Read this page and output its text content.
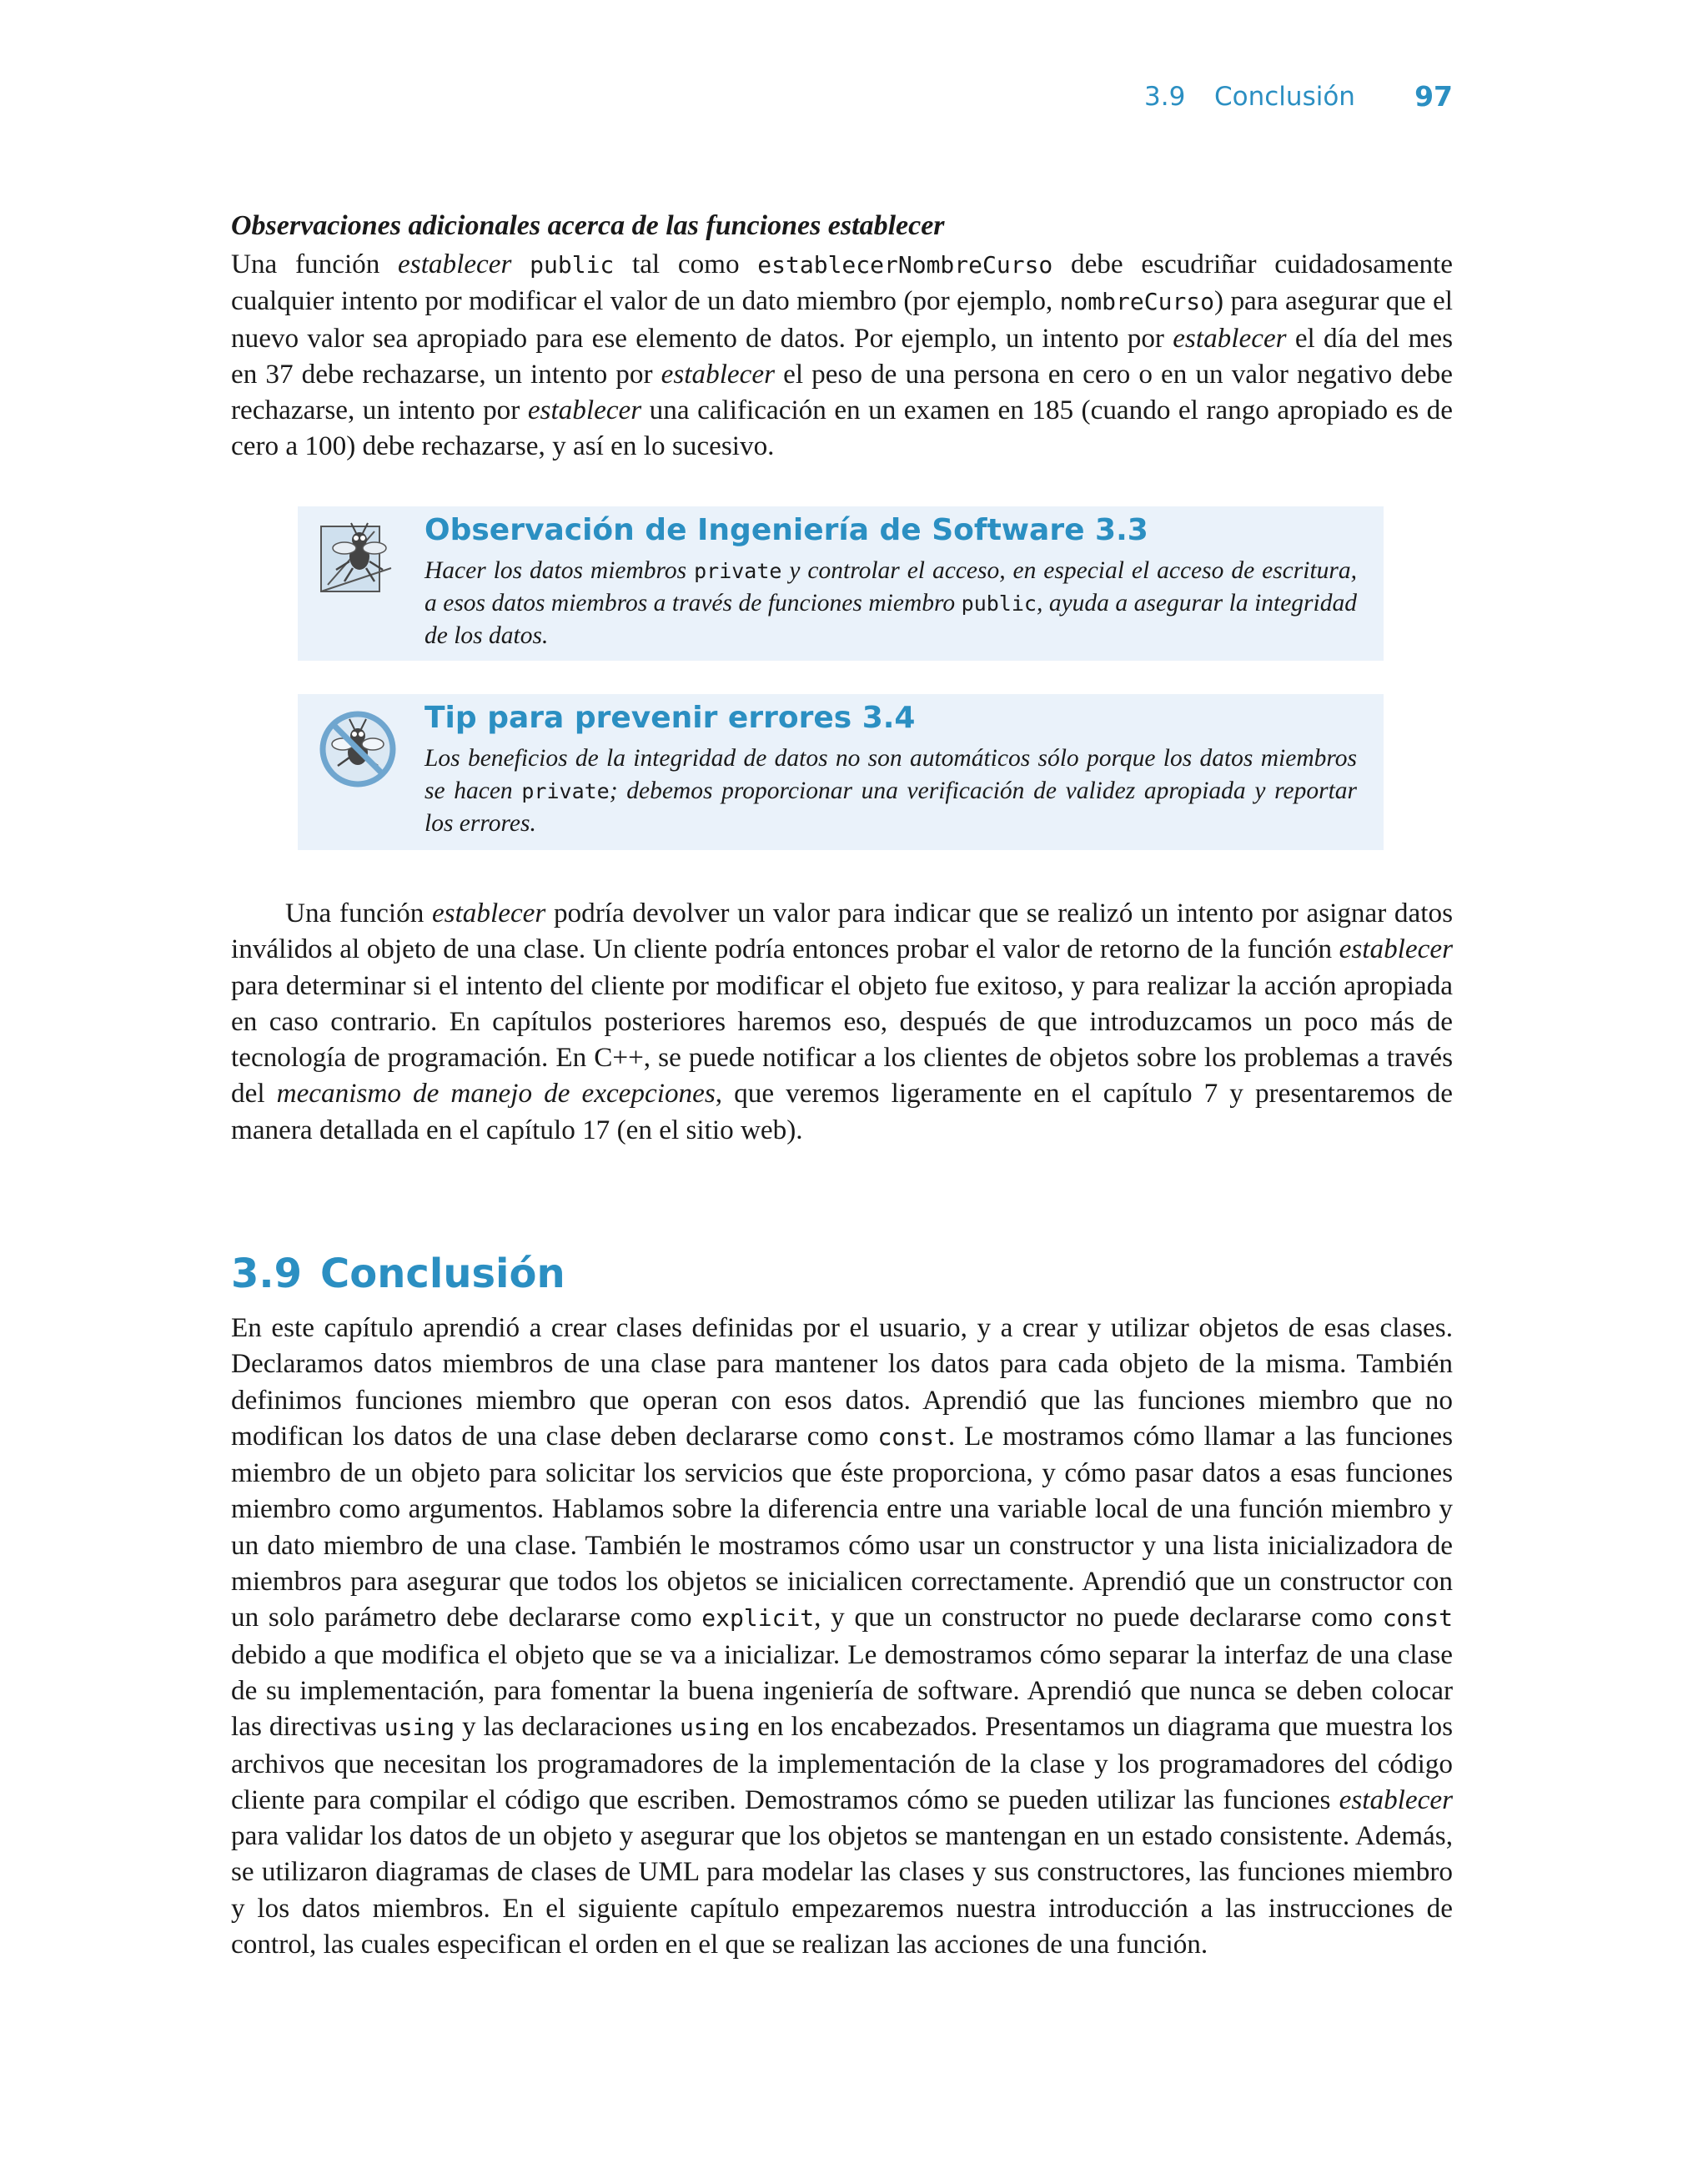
3.9 Conclusión 97
Observaciones adicionales acerca de las funciones establecer

Una función establecer public tal como establecerNombreCurso debe escudriñar cuidadosamente cualquier intento por modificar el valor de un dato miembro (por ejemplo, nombreCurso) para asegurar que el nuevo valor sea apropiado para ese elemento de datos. Por ejemplo, un intento por establecer el día del mes en 37 debe rechazarse, un intento por establecer el peso de una persona en cero o en un valor negativo debe rechazarse, un intento por establecer una calificación en un examen en 185 (cuando el rango apropiado es de cero a 100) debe rechazarse, y así en lo sucesivo.

Observación de Ingeniería de Software 3.3
Hacer los datos miembros private y controlar el acceso, en especial el acceso de escritura, a esos datos miembros a través de funciones miembro public, ayuda a asegurar la integridad de los datos.
Tip para prevenir errores 3.4
Los beneficios de la integridad de datos no son automáticos sólo porque los datos miembros se hacen private; debemos proporcionar una verificación de validez apropiada y reportar los errores.

Una función establecer podría devolver un valor para indicar que se realizó un intento por asignar datos inválidos al objeto de una clase. Un cliente podría entonces probar el valor de retorno de la función establecer para determinar si el intento del cliente por modificar el objeto fue exitoso, y para realizar la acción apropiada en caso contrario. En capítulos posteriores haremos eso, después de que introduzcamos un poco más de tecnología de programación. En C++, se puede notificar a los clientes de objetos sobre los problemas a través del mecanismo de manejo de excepciones, que veremos ligeramente en el capítulo 7 y presentaremos de manera detallada en el capítulo 17 (en el sitio web).

3.9 Conclusión

En este capítulo aprendió a crear clases definidas por el usuario, y a crear y utilizar objetos de esas clases. Declaramos datos miembros de una clase para mantener los datos para cada objeto de la misma. También definimos funciones miembro que operan con esos datos. Aprendió que las funciones miembro que no modifican los datos de una clase deben declararse como const. Le mostramos cómo llamar a las funciones miembro de un objeto para solicitar los servicios que éste proporciona, y cómo pasar datos a esas funciones miembro como argumentos. Hablamos sobre la diferencia entre una variable local de una función miembro y un dato miembro de una clase. También le mostramos cómo usar un constructor y una lista inicializadora de miembros para asegurar que todos los objetos se inicialicen correctamente. Aprendió que un constructor con un solo parámetro debe declararse como explicit, y que un constructor no puede declararse como const debido a que modifica el objeto que se va a inicializar. Le demostramos cómo separar la interfaz de una clase de su implementación, para fomentar la buena ingeniería de software. Aprendió que nunca se deben colocar las directivas using y las declaraciones using en los encabezados. Presentamos un diagrama que muestra los archivos que necesitan los programadores de la implementación de la clase y los programadores del código cliente para compilar el código que escriben. Demostramos cómo se pueden utilizar las funciones establecer para validar los datos de un objeto y asegurar que los objetos se mantengan en un estado consistente. Además, se utilizaron diagramas de clases de UML para modelar las clases y sus constructores, las funciones miembro y los datos miembros. En el siguiente capítulo empezaremos nuestra introducción a las instrucciones de control, las cuales especifican el orden en el que se realizan las acciones de una función.
